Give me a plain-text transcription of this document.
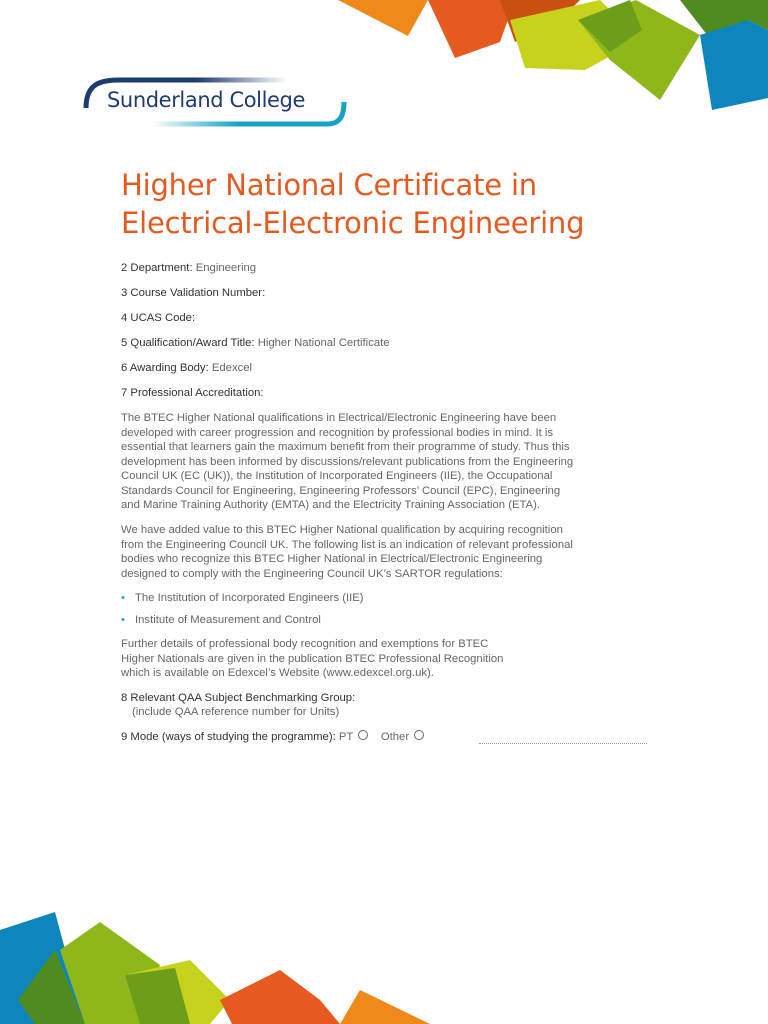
Sunderland College
Higher National Certificate in
Electrical-Electronic Engineering
2 Department: Engineering
3 Course Validation Number:
4 UCAS Code:
5 Qualification/Award Title: Higher National Certificate
6 Awarding Body: Edexcel
7 Professional Accreditation:

The BTEC Higher National qualifications in Electrical/Electronic Engineering have been
developed with career progression and recognition by professional bodies in mind. It is
essential that learners gain the maximum benefit from their programme of study. Thus this
development has been informed by discussions/relevant publications from the Engineering
Council UK (EC (UK)), the Institution of Incorporated Engineers (IIE), the Occupational
Standards Council for Engineering, Engineering Professors’ Council (EPC), Engineering
and Marine Training Authority (EMTA) and the Electricity Training Association (ETA).

We have added value to this BTEC Higher National qualification by acquiring recognition
from the Engineering Council UK. The following list is an indication of relevant professional
bodies who recognize this BTEC Higher National in Electrical/Electronic Engineering
designed to comply with the Engineering Council UK’s SARTOR regulations:

• The Institution of Incorporated Engineers (IIE)
• Institute of Measurement and Control

Further details of professional body recognition and exemptions for BTEC
Higher Nationals are given in the publication BTEC Professional Recognition
which is available on Edexcel’s Website (www.edexcel.org.uk).

8 Relevant QAA Subject Benchmarking Group:
(include QAA reference number for Units)
9 Mode (ways of studying the programme): PT Other
